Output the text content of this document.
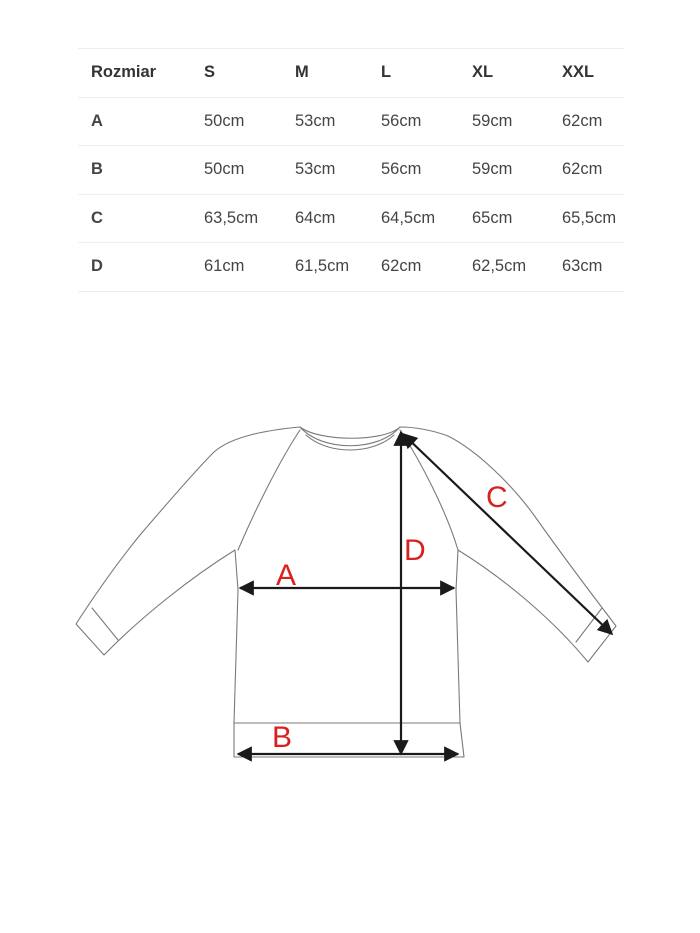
Rozmiar	S	M	L	XL	XXL
A	50cm	53cm	56cm	59cm	62cm
B	50cm	53cm	56cm	59cm	62cm
C	63,5cm	64cm	64,5cm	65cm	65,5cm
D	61cm	61,5cm	62cm	62,5cm	63cm
A
B
C
D
